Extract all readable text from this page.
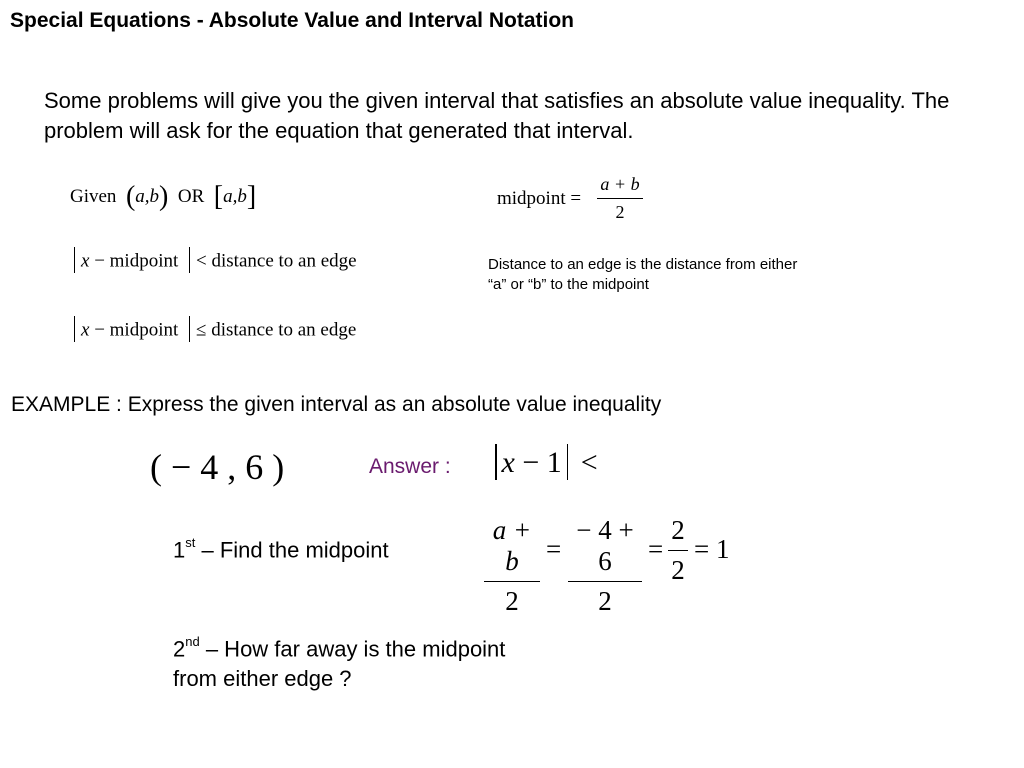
Special Equations - Absolute Value and Interval Notation
Some problems will give you the given interval that satisfies an absolute value inequality. The problem will ask for the equation that generated that interval.
Given (a,b) OR [a,b]	midpoint =
a + b
2
x − midpoint < distance to an edge
x − midpoint ≤ distance to an edge
Distance to an edge is the distance from either “a” or “b” to the midpoint
EXAMPLE : Express the given interval as an absolute value inequality
( − 4 , 6 )	Answer :	x − 1 <
1st – Find the midpoint
2nd – How far away is the midpoint from either edge ?
a + b
2
=
− 4 + 6
2
=
2
2
= 1
